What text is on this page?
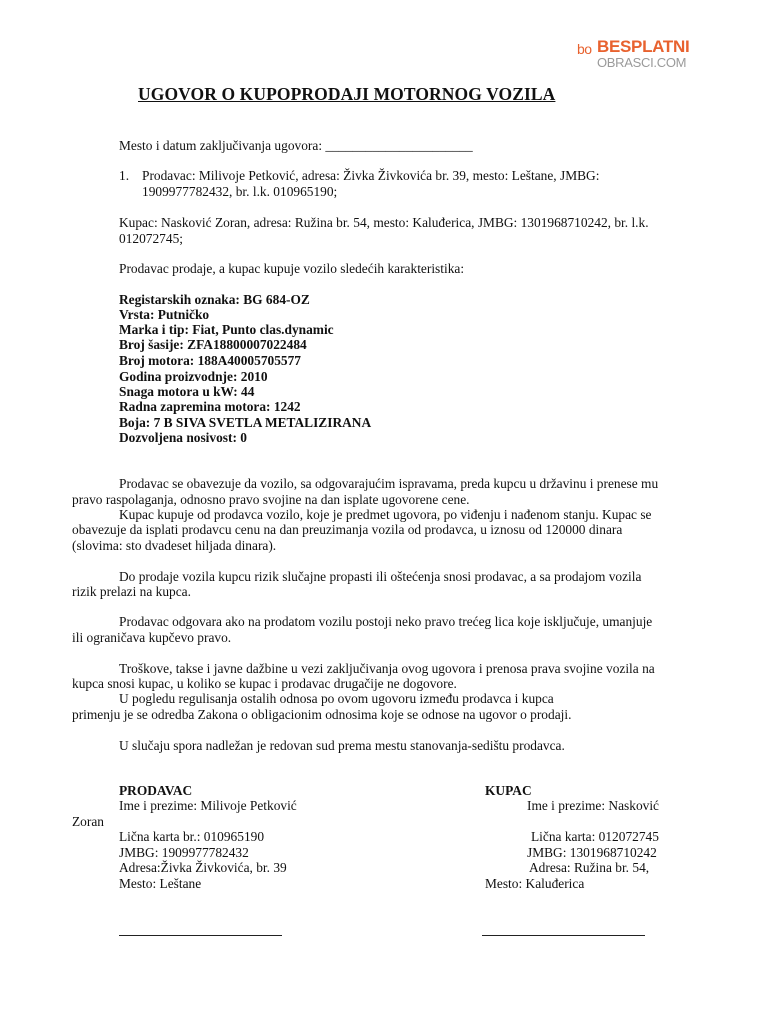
bo BESPLATNI
OBRASCI.COM
UGOVOR O KUPOPRODAJI MOTORNOG VOZILA
Mesto i datum zaključivanja ugovora: ______________________
1. Prodavac: Milivoje Petković, adresa: Živka Živkovića br. 39, mesto: Leštane, JMBG:
1909977782432, br. l.k. 010965190;
Kupac: Nasković Zoran, adresa: Ružina br. 54, mesto: Kaluđerica, JMBG: 1301968710242, br. l.k.
012072745;
Prodavac prodaje, a kupac kupuje vozilo sledećih karakteristika:
Registarskih oznaka: BG 684-OZ
Vrsta: Putničko
Marka i tip: Fiat, Punto clas.dynamic
Broj šasije: ZFA18800007022484
Broj motora: 188A40005705577
Godina proizvodnje: 2010
Snaga motora u kW: 44
Radna zapremina motora: 1242
Boja: 7 B SIVA SVETLA METALIZIRANA
Dozvoljena nosivost: 0
Prodavac se obavezuje da vozilo, sa odgovarajućim ispravama, preda kupcu u državinu i prenese mu
pravo raspolaganja, odnosno pravo svojine na dan isplate ugovorene cene.
Kupac kupuje od prodavca vozilo, koje je predmet ugovora, po viđenju i nađenom stanju. Kupac se
obavezuje da isplati prodavcu cenu na dan preuzimanja vozila od prodavca, u iznosu od 120000 dinara
(slovima: sto dvadeset hiljada dinara).
Do prodaje vozila kupcu rizik slučajne propasti ili oštećenja snosi prodavac, a sa prodajom vozila
rizik prelazi na kupca.
Prodavac odgovara ako na prodatom vozilu postoji neko pravo trećeg lica koje isključuje, umanjuje
ili ograničava kupčevo pravo.
Troškove, takse i javne dažbine u vezi zaključivanja ovog ugovora i prenosa prava svojine vozila na
kupca snosi kupac, u koliko se kupac i prodavac drugačije ne dogovore.
U pogledu regulisanja ostalih odnosa po ovom ugovoru između prodavca i kupca
primenju je se odredba Zakona o obligacionim odnosima koje se odnose na ugovor o prodaji.
U slučaju spora nadležan je redovan sud prema mestu stanovanja-sedištu prodavca.
PRODAVAC
Ime i prezime: Milivoje Petković
Lična karta br.: 010965190
JMBG: 1909977782432
Adresa:Živka Živkovića, br. 39
Mesto: Leštane
KUPAC
Ime i prezime: Nasković
Zoran
Lična karta: 012072745
JMBG: 1301968710242
Adresa: Ružina br. 54,
Mesto: Kaluđerica
